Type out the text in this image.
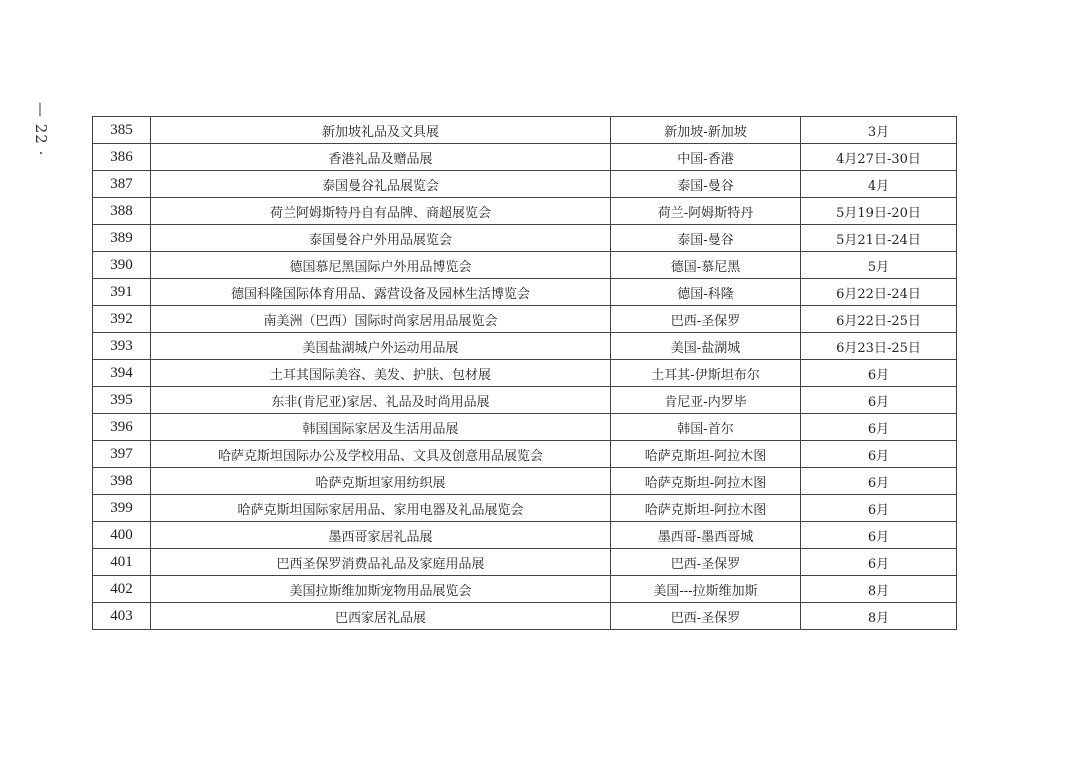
— 22 ·	385	新加坡礼品及文具展	新加坡-新加坡	3月
386	香港礼品及赠品展	中国-香港	4月27日-30日
387	泰国曼谷礼品展览会	泰国-曼谷	4月
388	荷兰阿姆斯特丹自有品牌、商超展览会	荷兰-阿姆斯特丹	5月19日-20日
389	泰国曼谷户外用品展览会	泰国-曼谷	5月21日-24日
390	德国慕尼黑国际户外用品博览会	德国-慕尼黑	5月
391	德国科隆国际体育用品、露营设备及园林生活博览会	德国-科隆	6月22日-24日
392	南美洲（巴西）国际时尚家居用品展览会	巴西-圣保罗	6月22日-25日
393	美国盐湖城户外运动用品展	美国-盐湖城	6月23日-25日
394	土耳其国际美容、美发、护肤、包材展	土耳其-伊斯坦布尔	6月
395	东非(肯尼亚)家居、礼品及时尚用品展	肯尼亚-内罗毕	6月
396	韩国国际家居及生活用品展	韩国-首尔	6月
397	哈萨克斯坦国际办公及学校用品、文具及创意用品展览会	哈萨克斯坦-阿拉木图	6月
398	哈萨克斯坦家用纺织展	哈萨克斯坦-阿拉木图	6月
399	哈萨克斯坦国际家居用品、家用电器及礼品展览会	哈萨克斯坦-阿拉木图	6月
400	墨西哥家居礼品展	墨西哥-墨西哥城	6月
401	巴西圣保罗消费品礼品及家庭用品展	巴西-圣保罗	6月
402	美国拉斯维加斯宠物用品展览会	美国---拉斯维加斯	8月
403	巴西家居礼品展	巴西-圣保罗	8月
